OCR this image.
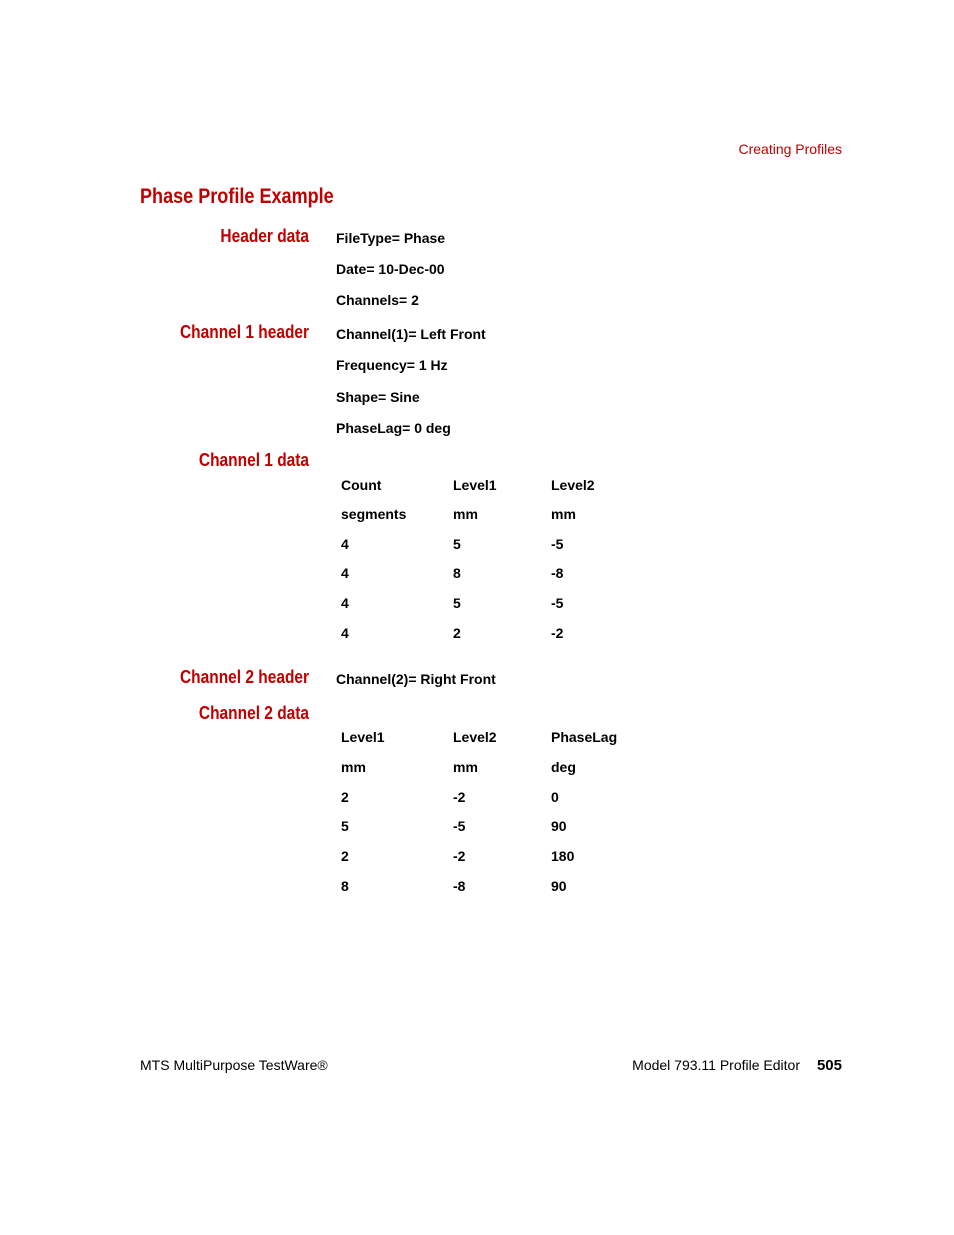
Creating Profiles
Phase Profile Example
Header data FileType= Phase
Date= 10-Dec-00
Channels= 2
Channel 1 header Channel(1)= Left Front
Frequency= 1 Hz
Shape= Sine
PhaseLag= 0 deg
Channel 1 data
Count	Level1	Level2
segments	mm	mm
4	5	-5
4	8	-8
4	5	-5
4	2	-2
Channel 2 header Channel(2)= Right Front
Channel 2 data
Level1	Level2	PhaseLag
mm	mm	deg
2	-2	0
5	-5	90
2	-2	180
8	-8	90
MTS MultiPurpose TestWare®	Model 793.11 Profile Editor 505
